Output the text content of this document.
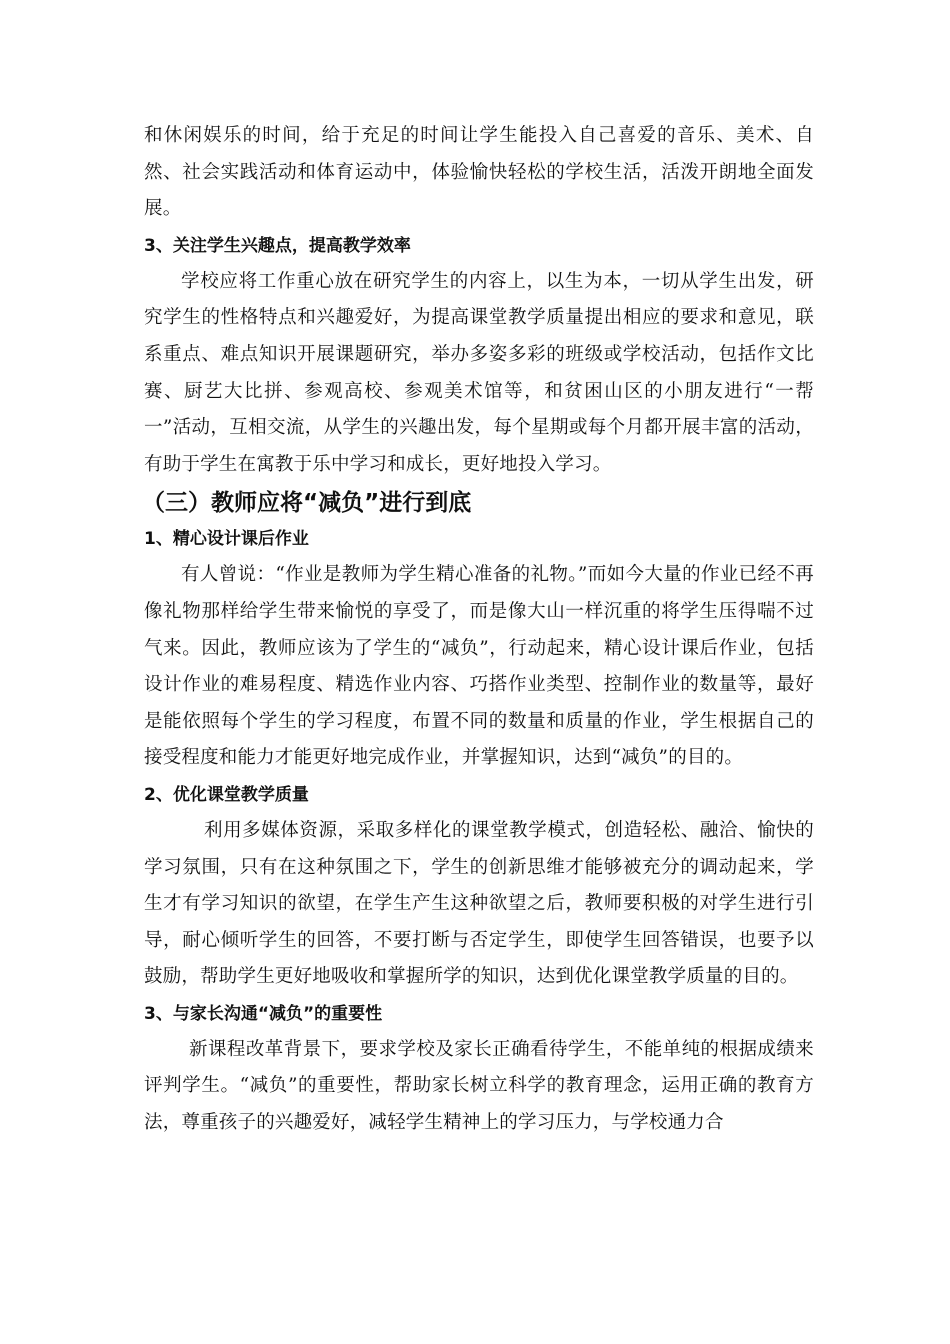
和休闲娱乐的时间，给于充足的时间让学生能投入自己喜爱的音乐、美术、自然、社会实践活动和体育运动中，体验愉快轻松的学校生活，活泼开朗地全面发展。

3、关注学生兴趣点，提高教学效率

学校应将工作重心放在研究学生的内容上，以生为本，一切从学生出发，研究学生的性格特点和兴趣爱好，为提高课堂教学质量提出相应的要求和意见，联系重点、难点知识开展课题研究，举办多姿多彩的班级或学校活动，包括作文比赛、厨艺大比拼、参观高校、参观美术馆等，和贫困山区的小朋友进行“一帮一”活动，互相交流，从学生的兴趣出发，每个星期或每个月都开展丰富的活动，有助于学生在寓教于乐中学习和成长，更好地投入学习。

（三）教师应将“减负”进行到底
1、精心设计课后作业

有人曾说：“作业是教师为学生精心准备的礼物。”而如今大量的作业已经不再像礼物那样给学生带来愉悦的享受了，而是像大山一样沉重的将学生压得喘不过气来。因此，教师应该为了学生的“减负”，行动起来，精心设计课后作业，包括设计作业的难易程度、精选作业内容、巧搭作业类型、控制作业的数量等，最好是能依照每个学生的学习程度，布置不同的数量和质量的作业，学生根据自己的接受程度和能力才能更好地完成作业，并掌握知识，达到“减负”的目的。

2、优化课堂教学质量

利用多媒体资源，采取多样化的课堂教学模式，创造轻松、融洽、愉快的学习氛围，只有在这种氛围之下，学生的创新思维才能够被充分的调动起来，学生才有学习知识的欲望，在学生产生这种欲望之后，教师要积极的对学生进行引导，耐心倾听学生的回答，不要打断与否定学生，即使学生回答错误，也要予以鼓励，帮助学生更好地吸收和掌握所学的知识，达到优化课堂教学质量的目的。

3、与家长沟通“减负”的重要性

新课程改革背景下，要求学校及家长正确看待学生，不能单纯的根据成绩来评判学生。“减负”的重要性，帮助家长树立科学的教育理念，运用正确的教育方法，尊重孩子的兴趣爱好，减轻学生精神上的学习压力，与学校通力合
